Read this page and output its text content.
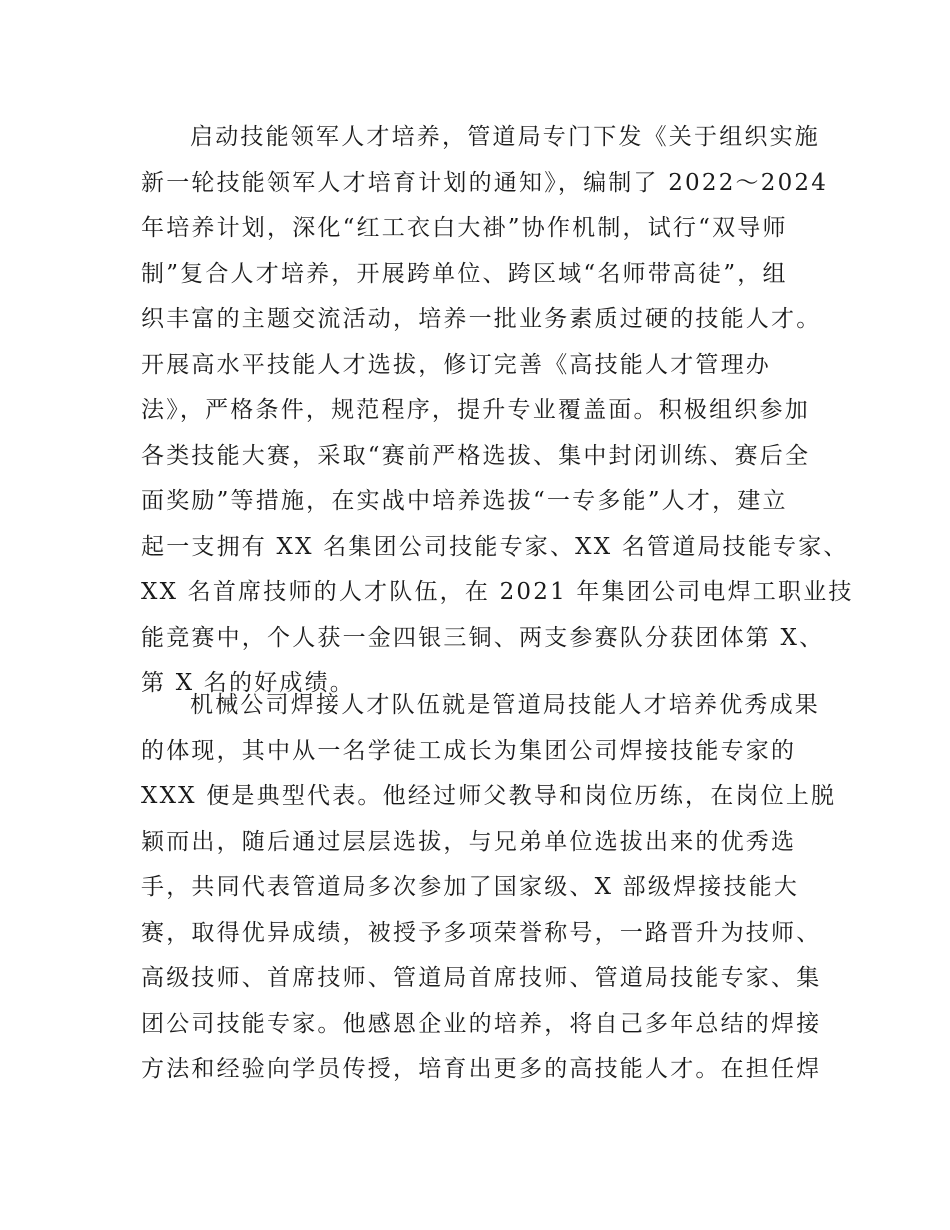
启动技能领军人才培养，管道局专门下发《关于组织实施
新一轮技能领军人才培育计划的通知》，编制了 2022～2024
年培养计划，深化“红工衣白大褂”协作机制，试行“双导师
制”复合人才培养，开展跨单位、跨区域“名师带高徒”，组
织丰富的主题交流活动，培养一批业务素质过硬的技能人才。
开展高水平技能人才选拔，修订完善《高技能人才管理办
法》，严格条件，规范程序，提升专业覆盖面。积极组织参加
各类技能大赛，采取“赛前严格选拔、集中封闭训练、赛后全
面奖励”等措施，在实战中培养选拔“一专多能”人才，建立
起一支拥有 XX 名集团公司技能专家、XX 名管道局技能专家、
XX 名首席技师的人才队伍，在 2021 年集团公司电焊工职业技
能竞赛中，个人获一金四银三铜、两支参赛队分获团体第 X、
第 X 名的好成绩。
机械公司焊接人才队伍就是管道局技能人才培养优秀成果
的体现，其中从一名学徒工成长为集团公司焊接技能专家的
XXX 便是典型代表。他经过师父教导和岗位历练，在岗位上脱
颖而出，随后通过层层选拔，与兄弟单位选拔出来的优秀选
手，共同代表管道局多次参加了国家级、X 部级焊接技能大
赛，取得优异成绩，被授予多项荣誉称号，一路晋升为技师、
高级技师、首席技师、管道局首席技师、管道局技能专家、集
团公司技能专家。他感恩企业的培养，将自己多年总结的焊接
方法和经验向学员传授，培育出更多的高技能人才。在担任焊
